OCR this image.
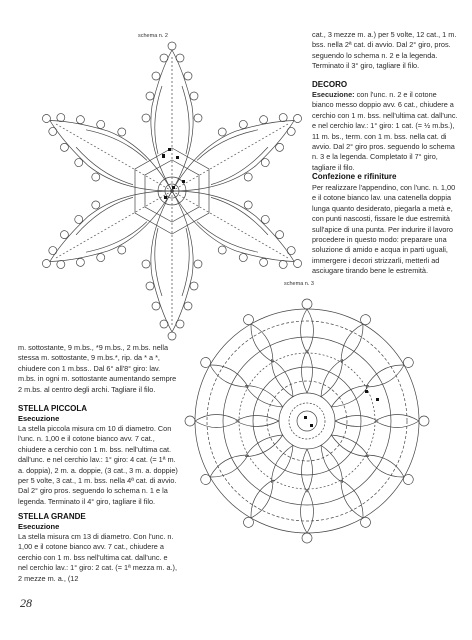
schema n. 2	cat., 3 mezze m. a.) per 5 volte, 12 cat., 1 m. bss. nella 2ª cat. di avvio. Dal 2° giro, pros. seguendo lo schema n. 2 e la legenda. Terminato il 3° giro, tagliare il filo.
DECORO
Esecuzione: con l'unc. n. 2 e il cotone bianco messo doppio avv. 6 cat., chiudere a cerchio con 1 m. bss. nell'ultima cat. dall'unc. e nel cerchio lav.: 1° giro: 1 cat. (= ½ m.bs.), 11 m. bs., term. con 1 m. bss. nella cat. di avvio. Dal 2° giro pros. seguendo lo schema n. 3 e la legenda. Completato il 7° giro, tagliare il filo.
Confezione e rifiniture
Per realizzare l'appendino, con l'unc. n. 1,00 e il cotone bianco lav. una catenella doppia lunga quanto desiderato, piegarla a metà e, con punti nascosti, fissare le due estremità sull'apice di una punta. Per indurire il lavoro procedere in questo modo: preparare una soluzione di amido e acqua in parti uguali, immergere i decori strizzarli, metterli ad asciugare tirando bene le estremità.
schema n. 3
m. sottostante, 9 m.bs., *9 m.bs., 2 m.bs. nella stessa m. sottostante, 9 m.bs.*, rip. da * a *, chiudere con 1 m.bss.. Dal 6° all'8° giro: lav. m.bs. in ogni m. sottostante aumentando sempre 2 m.bs. al centro degli archi. Tagliare il filo.
STELLA PICCOLA
Esecuzione
La stella piccola misura cm 10 di diametro. Con l'unc. n. 1,00 e il cotone bianco avv. 7 cat., chiudere a cerchio con 1 m. bss. nell'ultima cat. dall'unc. e nel cerchio lav.: 1° giro: 4 cat. (= 1ª m. a. doppia), 2 m. a. doppie, (3 cat., 3 m. a. doppie) per 5 volte, 3 cat., 1 m. bss. nella 4ª cat. di avvio. Dal 2° giro pros. seguendo lo schema n. 1 e la legenda. Terminato il 4° giro, tagliare il filo.
STELLA GRANDE
Esecuzione
La stella misura cm 13 di diametro. Con l'unc. n. 1,00 e il cotone bianco avv. 7 cat., chiudere a cerchio con 1 m. bss nell'ultima cat. dall'unc. e nel cerchio lav.: 1° giro: 2 cat. (= 1ª mezza m. a.), 2 mezze m. a., (12
28
